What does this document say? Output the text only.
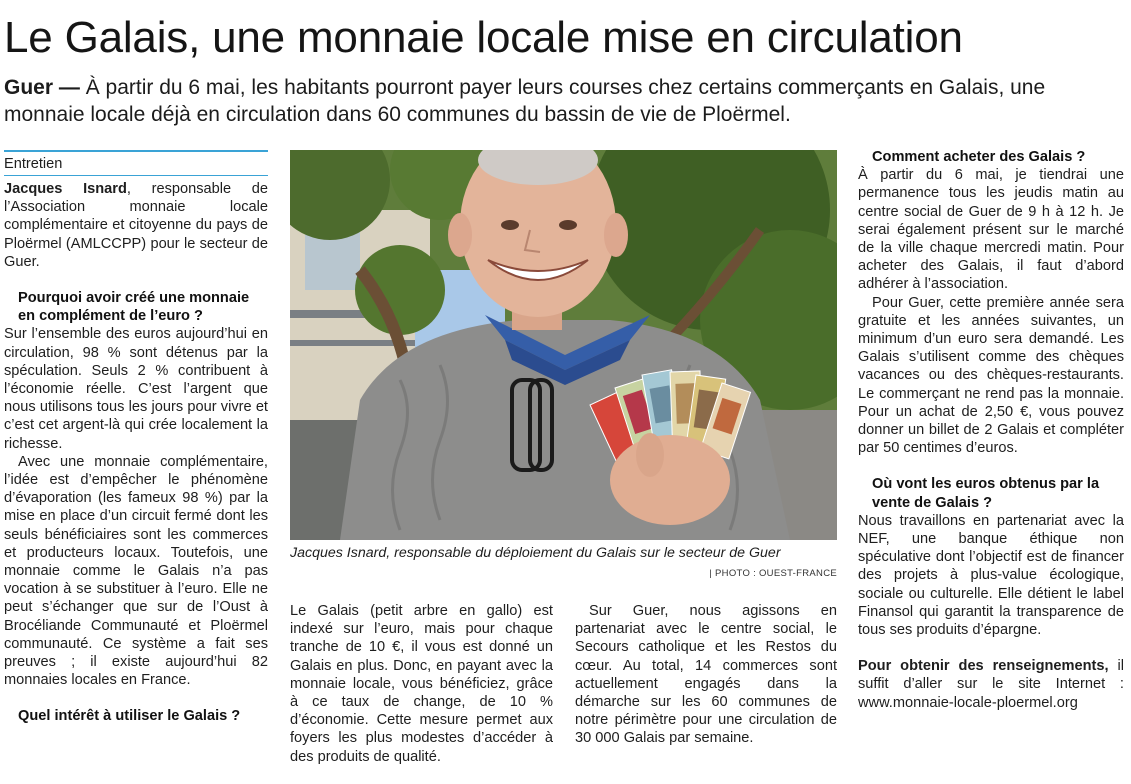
Le Galais, une monnaie locale mise en circulation
Guer — À partir du 6 mai, les habitants pourront payer leurs courses chez certains commerçants en Galais, une monnaie locale déjà en circulation dans 60 communes du bassin de vie de Ploërmel.
Entretien

Jacques Isnard, responsable de l’Association monnaie locale complémentaire et citoyenne du pays de Ploërmel (AMLCCPP) pour le secteur de Guer.

Pourquoi avoir créé une monnaie en complément de l’euro ?

Sur l’ensemble des euros aujourd’hui en circulation, 98 % sont détenus par la spéculation. Seuls 2 % contribuent à l’économie réelle. C’est l’argent que nous utilisons tous les jours pour vivre et c’est cet argent-là qui crée localement la richesse.

Avec une monnaie complémentaire, l’idée est d’empêcher le phénomène d’évaporation (les fameux 98 %) par la mise en place d’un circuit fermé dont les seuls bénéficiaires sont les commerces et producteurs locaux. Toutefois, une monnaie comme le Galais n’a pas vocation à se substituer à l’euro. Elle ne peut s’échanger que sur de l’Oust à Brocéliande Communauté et Ploërmel communauté. Ce système a fait ses preuves ; il existe aujourd’hui 82 monnaies locales en France.

Quel intérêt à utiliser le Galais ?

Jacques Isnard, responsable du déploiement du Galais sur le secteur de Guer
| PHOTO : OUEST-FRANCE

Le Galais (petit arbre en gallo) est indexé sur l’euro, mais pour chaque tranche de 10 €, il vous est donné un Galais en plus. Donc, en payant avec la monnaie locale, vous bénéficiez, grâce à ce taux de change, de 10 % d’économie. Cette mesure permet aux foyers les plus modestes d’accéder à des produits de qualité.

Sur Guer, nous agissons en partenariat avec le centre social, le Secours catholique et les Restos du cœur. Au total, 14 commerces sont actuellement engagés dans la démarche sur les 60 communes de notre périmètre pour une circulation de 30 000 Galais par semaine.

Comment acheter des Galais ?

À partir du 6 mai, je tiendrai une permanence tous les jeudis matin au centre social de Guer de 9 h à 12 h. Je serai également présent sur le marché de la ville chaque mercredi matin. Pour acheter des Galais, il faut d’abord adhérer à l’association.

Pour Guer, cette première année sera gratuite et les années suivantes, un minimum d’un euro sera demandé. Les Galais s’utilisent comme des chèques vacances ou des chèques-restaurants. Le commerçant ne rend pas la monnaie. Pour un achat de 2,50 €, vous pouvez donner un billet de 2 Galais et compléter par 50 centimes d’euros.

Où vont les euros obtenus par la vente de Galais ?

Nous travaillons en partenariat avec la NEF, une banque éthique non spéculative dont l’objectif est de financer des projets à plus-value écologique, sociale ou culturelle. Elle détient le label Finansol qui garantit la transparence de tous ses produits d’épargne.

Pour obtenir des renseignements, il suffit d’aller sur le site Internet : www.monnaie-locale-ploermel.org
